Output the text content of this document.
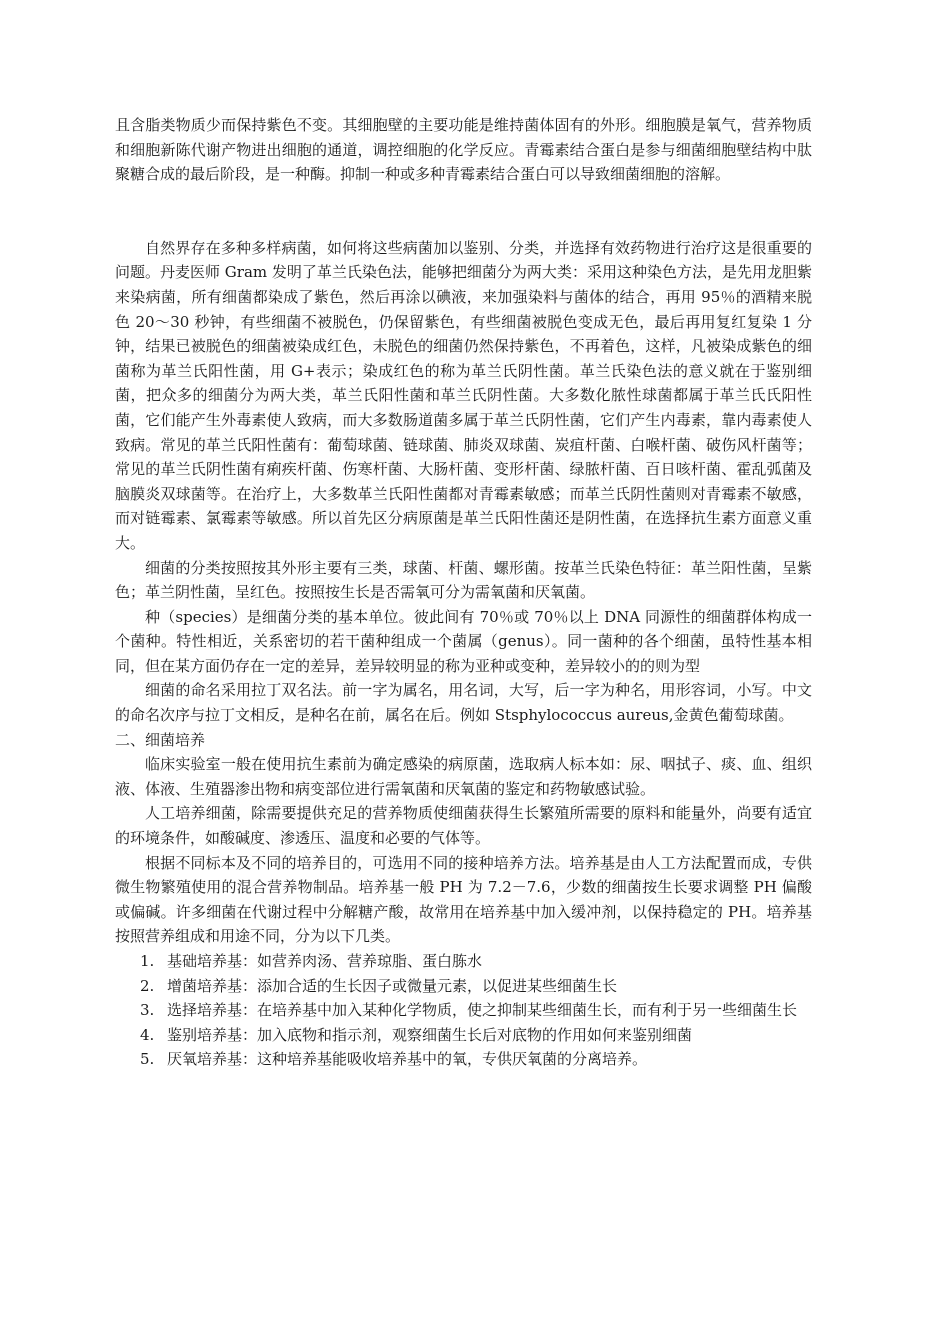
且含脂类物质少而保持紫色不变。其细胞壁的主要功能是维持菌体固有的外形。细胞膜是氧气，营养物质和细胞新陈代谢产物进出细胞的通道，调控细胞的化学反应。青霉素结合蛋白是参与细菌细胞壁结构中肽聚糖合成的最后阶段，是一种酶。抑制一种或多种青霉素结合蛋白可以导致细菌细胞的溶解。

自然界存在多种多样病菌，如何将这些病菌加以鉴别、分类，并选择有效药物进行治疗这是很重要的问题。丹麦医师 Gram 发明了革兰氏染色法，能够把细菌分为两大类：采用这种染色方法，是先用龙胆紫来染病菌，所有细菌都染成了紫色，然后再涂以碘液，来加强染料与菌体的结合，再用 95％的酒精来脱色 20～30 秒钟，有些细菌不被脱色，仍保留紫色，有些细菌被脱色变成无色，最后再用复红复染 1 分钟，结果已被脱色的细菌被染成红色，未脱色的细菌仍然保持紫色，不再着色，这样，凡被染成紫色的细菌称为革兰氏阳性菌，用 G+表示；染成红色的称为革兰氏阴性菌。革兰氏染色法的意义就在于鉴别细菌，把众多的细菌分为两大类，革兰氏阳性菌和革兰氏阴性菌。大多数化脓性球菌都属于革兰氏氏阳性菌，它们能产生外毒素使人致病，而大多数肠道菌多属于革兰氏阴性菌，它们产生内毒素，靠内毒素使人致病。常见的革兰氏阳性菌有：葡萄球菌、链球菌、肺炎双球菌、炭疽杆菌、白喉杆菌、破伤风杆菌等；常见的革兰氏阴性菌有痢疾杆菌、伤寒杆菌、大肠杆菌、变形杆菌、绿脓杆菌、百日咳杆菌、霍乱弧菌及脑膜炎双球菌等。在治疗上，大多数革兰氏阳性菌都对青霉素敏感；而革兰氏阴性菌则对青霉素不敏感，而对链霉素、氯霉素等敏感。所以首先区分病原菌是革兰氏阳性菌还是阴性菌，在选择抗生素方面意义重大。

细菌的分类按照按其外形主要有三类，球菌、杆菌、螺形菌。按革兰氏染色特征：革兰阳性菌，呈紫色；革兰阴性菌，呈红色。按照按生长是否需氧可分为需氧菌和厌氧菌。

种（species）是细菌分类的基本单位。彼此间有 70％或 70％以上 DNA 同源性的细菌群体构成一个菌种。特性相近，关系密切的若干菌种组成一个菌属（genus）。同一菌种的各个细菌，虽特性基本相同，但在某方面仍存在一定的差异，差异较明显的称为亚种或变种，差异较小的的则为型

细菌的命名采用拉丁双名法。前一字为属名，用名词，大写，后一字为种名，用形容词，小写。中文的命名次序与拉丁文相反，是种名在前，属名在后。例如 Stsphylococcus aureus,金黄色葡萄球菌。

二、细菌培养

临床实验室一般在使用抗生素前为确定感染的病原菌，选取病人标本如：尿、咽拭子、痰、血、组织液、体液、生殖器渗出物和病变部位进行需氧菌和厌氧菌的鉴定和药物敏感试验。

人工培养细菌，除需要提供充足的营养物质使细菌获得生长繁殖所需要的原料和能量外，尚要有适宜的环境条件，如酸碱度、渗透压、温度和必要的气体等。

根据不同标本及不同的培养目的，可选用不同的接种培养方法。培养基是由人工方法配置而成，专供微生物繁殖使用的混合营养物制品。培养基一般 PH 为 7.2－7.6，少数的细菌按生长要求调整 PH 偏酸或偏碱。许多细菌在代谢过程中分解糖产酸，故常用在培养基中加入缓冲剂，以保持稳定的 PH。培养基按照营养组成和用途不同，分为以下几类。

1. 基础培养基：如营养肉汤、营养琼脂、蛋白胨水
2. 增菌培养基：添加合适的生长因子或微量元素，以促进某些细菌生长
3. 选择培养基：在培养基中加入某种化学物质，使之抑制某些细菌生长，而有利于另一些细菌生长
4. 鉴别培养基：加入底物和指示剂，观察细菌生长后对底物的作用如何来鉴别细菌
5. 厌氧培养基：这种培养基能吸收培养基中的氧，专供厌氧菌的分离培养。
